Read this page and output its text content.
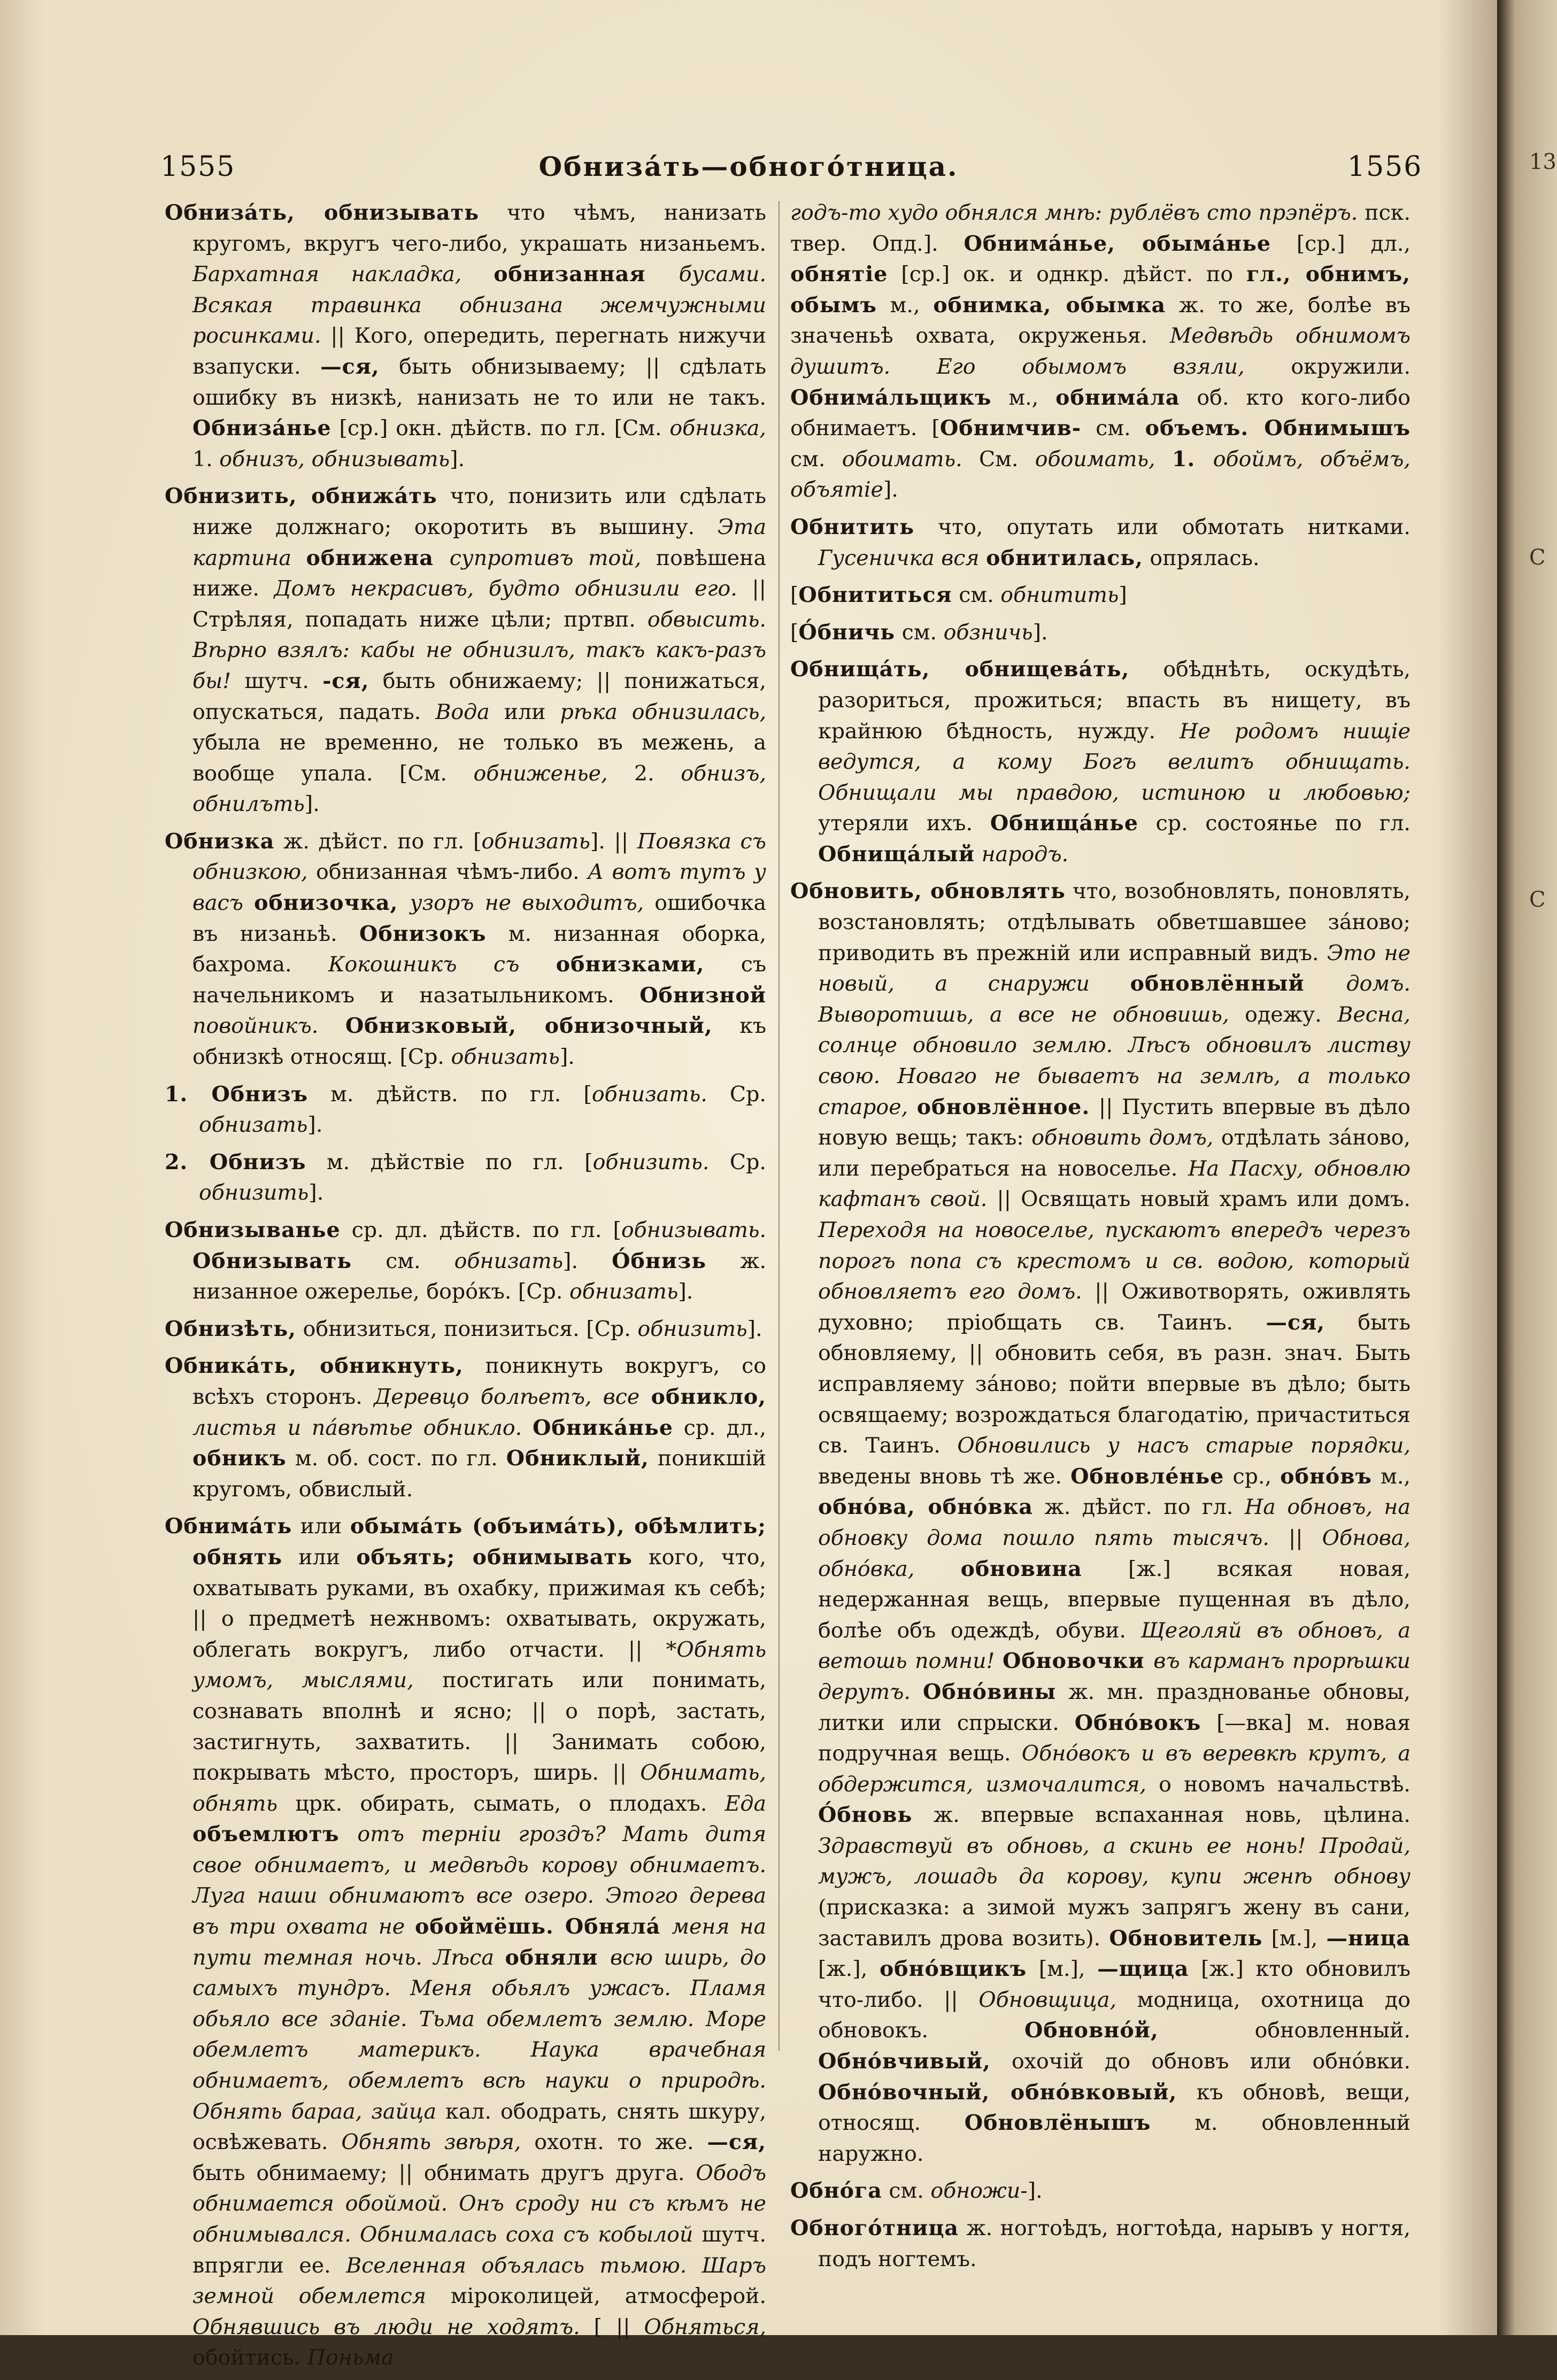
13
С
С
1555	Обнизáть—обногóтница.	1556
Обнизáть, обнизывать что чѣмъ, нанизать кругомъ, вкругъ чего-либо, украшать низаньемъ. Бархатная накладка, обнизанная бусами. Всякая травинка обнизана жемчужными росинками. || Кого, опередить, перегнать нижучи взапуски. —ся, быть обнизываему; || сдѣлать ошибку въ низкѣ, нанизать не то или не такъ. Обнизáнье [ср.] окн. дѣйств. по гл. [См. обнизка, 1. обнизъ, обнизывать].
Обнизить, обнижáть что, понизить или сдѣлать ниже должнаго; окоротить въ вышину. Эта картина обнижена супротивъ той, повѣшена ниже. Домъ некрасивъ, будто обнизили его. || Стрѣляя, попадать ниже цѣли; пртвп. обвысить. Вѣрно взялъ: кабы не обнизилъ, такъ какъ-разъ бы! шутч. -ся, быть обнижаему; || понижаться, опускаться, падать. Вода или рѣка обнизилась, убыла не временно, не только въ межень, а вообще упала. [См. обниженье, 2. обнизъ, обнилъть].
Обнизка ж. дѣйст. по гл. [обнизать]. || Повязка съ обнизкою, обнизанная чѣмъ-либо. А вотъ тутъ у васъ обнизочка, узоръ не выходитъ, ошибочка въ низаньѣ. Обнизокъ м. низанная оборка, бахрома. Кокошникъ съ обнизками, съ начельникомъ и назатыльникомъ. Обнизной повойникъ. Обнизковый, обнизочный, къ обнизкѣ относящ. [Ср. обнизать].
1. Обнизъ м. дѣйств. по гл. [обнизать. Ср. обнизать].
2. Обнизъ м. дѣйствіе по гл. [обнизить. Ср. обнизить].
Обнизыванье ср. дл. дѣйств. по гл. [обнизывать. Обнизывать см. обнизать]. О́бнизь ж. низанное ожерелье, борóкъ. [Ср. обнизать].
Обнизѣть, обнизиться, понизиться. [Ср. обнизить].
Обникáть, обникнуть, поникнуть вокругъ, со всѣхъ сторонъ. Деревцо болѣетъ, все обникло, листья и пáвѣтье обникло. Обникáнье ср. дл., обникъ м. об. сост. по гл. Обниклый, поникшій кругомъ, обвислый.
Обнимáть или обымáть (объимáть), обѣмлить; обнять или объять; обнимывать кого, что, охватывать руками, въ охабку, прижимая къ себѣ; || о предметѣ нежнвомъ: охватывать, окружать, облегать вокругъ, либо отчасти. || *Обнять умомъ, мыслями, постигать или понимать, сознавать вполнѣ и ясно; || о порѣ, застать, застигнуть, захватить. || Занимать собою, покрывать мѣсто, просторъ, ширь. || Обнимать, обнять црк. обирать, сымать, о плодахъ. Еда объемлютъ отъ терніи гроздъ? Мать дитя свое обнимаетъ, и медвѣдь корову обнимаетъ. Луга наши обнимаютъ все озеро. Этого дерева въ три охвата не обоймёшь. Обнялá меня на пути темная ночь. Лѣса обняли всю ширь, до самыхъ тундръ. Меня обьялъ ужасъ. Пламя обьяло все зданіе. Тьма обемлетъ землю. Море обемлетъ материкъ. Наука врачебная обнимаетъ, обемлетъ всѣ науки о природѣ. Обнять бараа, зайца кал. ободрать, снять шкуру, освѣжевать. Обнять звѣря, охотн. то же. —ся, быть обнимаему; || обнимать другъ друга. Ободъ обнимается обоймой. Онъ сроду ни съ кѣмъ не обнимывался. Обнималась соха съ кобылой шутч. впрягли ее. Вселенная объялась тьмою. Шаръ земной обемлется міроколицей, атмосферой. Обнявшись въ люди не ходятъ. [ || Обняться, обойтись. Поньма
годъ-то худо обнялся мнѣ: рублёвъ сто прэпёръ. пск. твер. Опд.]. Обнимáнье, обымáнье [ср.] дл., обнятіе [ср.] ок. и однкр. дѣйст. по гл., обнимъ, обымъ м., обнимка, обымка ж. то же, болѣе въ значеньѣ охвата, окруженья. Медвѣдь обнимомъ душитъ. Его обымомъ взяли, окружили. Обнимáльщикъ м., обнимáла об. кто кого-либо обнимаетъ. [Обнимчив- см. объемъ. Обнимышъ см. обоимать. См. обоимать, 1. обоймъ, объёмъ, объятіе].
Обнитить что, опутать или обмотать нитками. Гусеничка вся обнитилась, опрялась.
[Обнититься см. обнитить]
[О́бничь см. обзничь].
Обнищáть, обнищевáть, обѣднѣть, оскудѣть, разориться, прожиться; впасть въ нищету, въ крайнюю бѣдность, нужду. Не родомъ нищіе ведутся, а кому Богъ велитъ обнищать. Обнищали мы правдою, истиною и любовью; утеряли ихъ. Обнищáнье ср. состоянье по гл. Обнищáлый народъ.
Обновить, обновлять что, возобновлять, поновлять, возстановлять; отдѣлывать обветшавшее зáново; приводить въ прежній или исправный видъ. Это не новый, а снаружи обновлённый домъ. Выворотишь, а все не обновишь, одежу. Весна, солнце обновило землю. Лѣсъ обновилъ листву свою. Новаго не бываетъ на землѣ, а только старое, обновлённое. || Пустить впервые въ дѣло новую вещь; такъ: обновить домъ, отдѣлать зáново, или перебраться на новоселье. На Пасху, обновлю кафтанъ свой. || Освящать новый храмъ или домъ. Переходя на новоселье, пускаютъ впередъ черезъ порогъ попа съ крестомъ и св. водою, который обновляетъ его домъ. || Оживотворять, оживлять духовно; пріобщать св. Таинъ. —ся, быть обновляему, || обновить себя, въ разн. знач. Быть исправляему зáново; пойти впервые въ дѣло; быть освящаему; возрождаться благодатію, причаститься св. Таинъ. Обновились у насъ старые порядки, введены вновь тѣ же. Обновлéнье ср., обнóвъ м., обнóва, обнóвка ж. дѣйст. по гл. На обновъ, на обновку дома пошло пять тысячъ. || Обнова, обнóвка, обновина [ж.] всякая новая, недержанная вещь, впервые пущенная въ дѣло, болѣе объ одеждѣ, обуви. Щеголяй въ обновъ, а ветошь помни! Обновочки въ карманъ прорѣшки дерутъ. Обнóвины ж. мн. празднованье обновы, литки или спрыски. Обнóвокъ [—вка] м. новая подручная вещь. Обнóвокъ и въ веревкѣ крутъ, а обдержится, измочалится, о новомъ начальствѣ. О́бновь ж. впервые вспаханная новь, цѣлина. Здравствуй въ обновь, а скинь ее нонь! Продай, мужъ, лошадь да корову, купи женѣ обнову (присказка: а зимой мужъ запрягъ жену въ сани, заставилъ дрова возить). Обновитель [м.], —ница [ж.], обнóвщикъ [м.], —щица [ж.] кто обновилъ что-либо. || Обновщица, модница, охотница до обновокъ. Обновнóй, обновленный. Обнóвчивый, охочій до обновъ или обнóвки. Обнóвочный, обнóвковый, къ обновѣ, вещи, относящ. Обновлёнышъ м. обновленный наружно.
Обнóга см. обножи-].
Обногóтница ж. ногтоѣдъ, ногтоѣда, нарывъ у ногтя, подъ ногтемъ.
